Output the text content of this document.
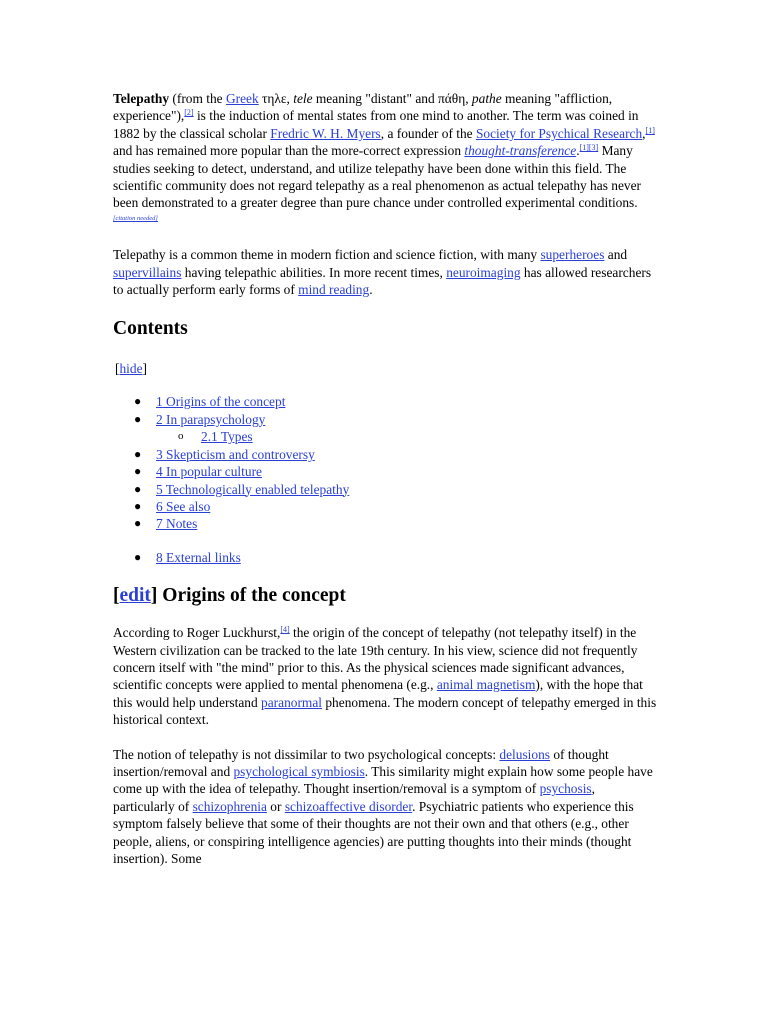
Telepathy (from the Greek τηλε, tele meaning "distant" and πάθη, pathe meaning "affliction, experience"),[2] is the induction of mental states from one mind to another. The term was coined in 1882 by the classical scholar Fredric W. H. Myers, a founder of the Society for Psychical Research,[1] and has remained more popular than the more-correct expression thought-transference.[1][3] Many studies seeking to detect, understand, and utilize telepathy have been done within this field. The scientific community does not regard telepathy as a real phenomenon as actual telepathy has never been demonstrated to a greater degree than pure chance under controlled experimental conditions.[citation needed]

Telepathy is a common theme in modern fiction and science fiction, with many superheroes and supervillains having telepathic abilities. In more recent times, neuroimaging has allowed researchers to actually perform early forms of mind reading.

Contents
[hide]
● 1 Origins of the concept
● 2 In parapsychology
o 2.1 Types
● 3 Skepticism and controversy
● 4 In popular culture
● 5 Technologically enabled telepathy
● 6 See also
● 7 Notes
● 8 External links
[edit] Origins of the concept

According to Roger Luckhurst,[4] the origin of the concept of telepathy (not telepathy itself) in the Western civilization can be tracked to the late 19th century. In his view, science did not frequently concern itself with "the mind" prior to this. As the physical sciences made significant advances, scientific concepts were applied to mental phenomena (e.g., animal magnetism), with the hope that this would help understand paranormal phenomena. The modern concept of telepathy emerged in this historical context.

The notion of telepathy is not dissimilar to two psychological concepts: delusions of thought insertion/removal and psychological symbiosis. This similarity might explain how some people have come up with the idea of telepathy. Thought insertion/removal is a symptom of psychosis, particularly of schizophrenia or schizoaffective disorder. Psychiatric patients who experience this symptom falsely believe that some of their thoughts are not their own and that others (e.g., other people, aliens, or conspiring intelligence agencies) are putting thoughts into their minds (thought insertion). Some
